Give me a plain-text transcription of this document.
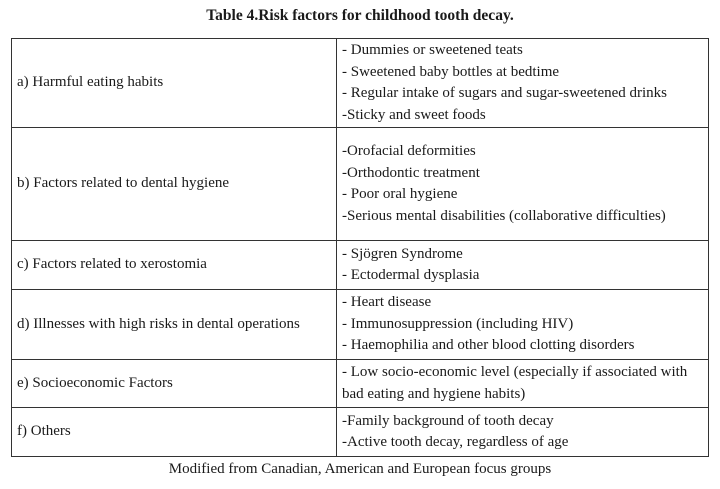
Table 4.Risk factors for childhood tooth decay.
a) Harmful eating habits	- Dummies or sweetened teats
- Sweetened baby bottles at bedtime
- Regular intake of sugars and sugar-sweetened drinks
-Sticky and sweet foods

b) Factors related to dental hygiene	-Orofacial deformities
-Orthodontic treatment
- Poor oral hygiene
-Serious mental disabilities (collaborative difficulties)

c) Factors related to xerostomia	- Sjögren Syndrome
- Ectodermal dysplasia

d) Illnesses with high risks in dental operations	- Heart disease
- Immunosuppression (including HIV)
- Haemophilia and other blood clotting disorders

e) Socioeconomic Factors	- Low socio-economic level (especially if associated with bad eating and hygiene habits)

f) Others	-Family background of tooth decay
-Active tooth decay, regardless of age
Modified from Canadian, American and European focus groups
